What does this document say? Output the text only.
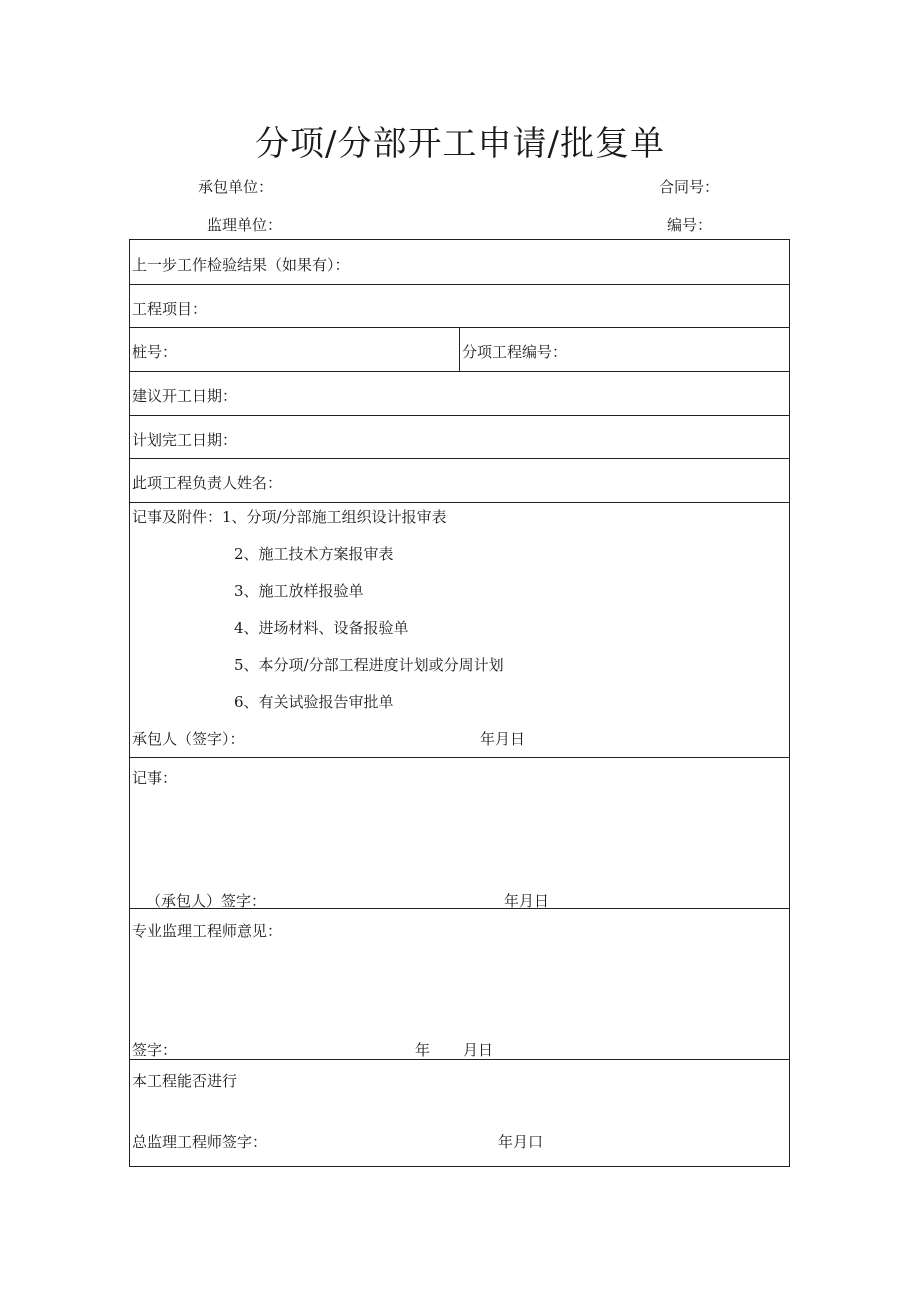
分项/分部开工申请/批复单
承包单位：	合同号：
监理单位：	编号：
上一步工作检验结果（如果有）：
工程项目：
桩号：	分项工程编号：
建议开工日期：
计划完工日期：
此项工程负责人姓名：
记事及附件： 1、分项/分部施工组织设计报审表
2、施工技术方案报审表
3、施工放样报验单
4、进场材料、设备报验单
5、本分项/分部工程进度计划或分周计划
6、有关试验报告审批单
承包人（签字）：	年月日
记事：
（承包人）签字：	年月日
专业监理工程师意见：
签字：	年 月日
本工程能否进行
总监理工程师签字：	年月口
